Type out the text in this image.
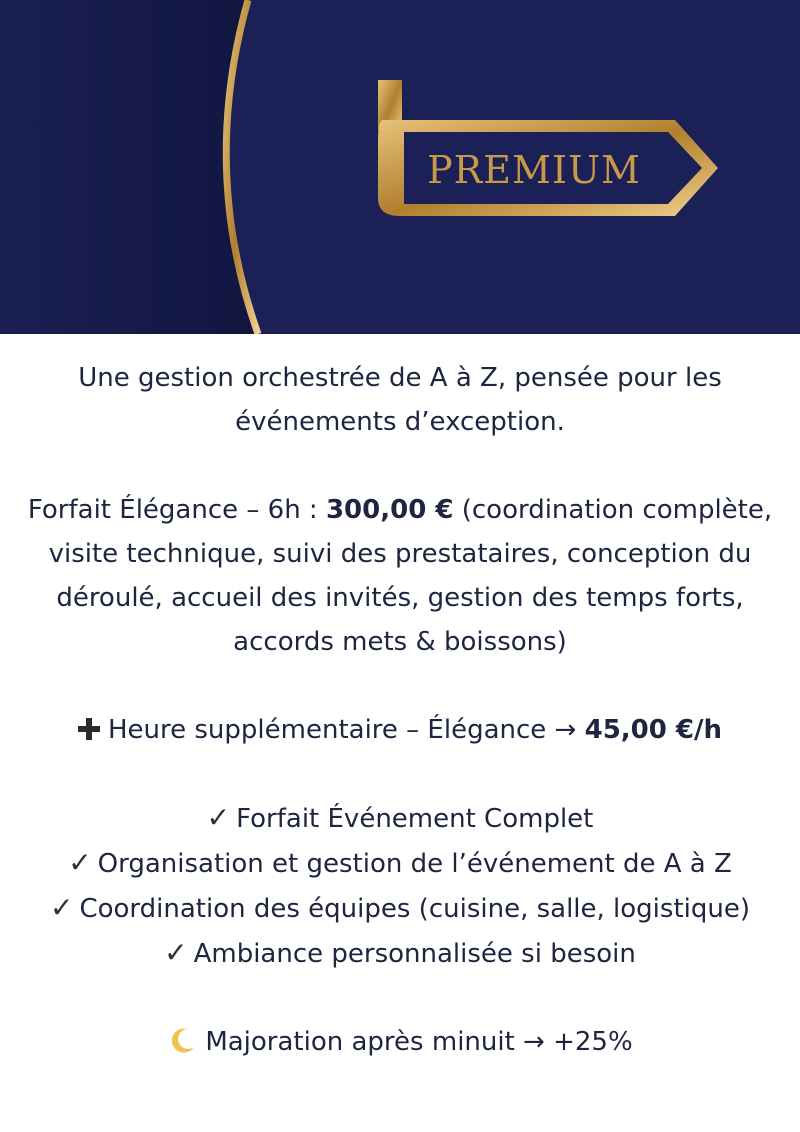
PREMIUM
Une gestion orchestrée de A à Z, pensée pour les
événements d’exception.
Forfait Élégance – 6h : 300,00 € (coordination complète,
visite technique, suivi des prestataires, conception du
déroulé, accueil des invités, gestion des temps forts,
accords mets & boissons)
Heure supplémentaire – Élégance → 45,00 €/h
✓ Forfait Événement Complet
✓ Organisation et gestion de l’événement de A à Z
✓ Coordination des équipes (cuisine, salle, logistique)
✓ Ambiance personnalisée si besoin
Majoration après minuit → +25%
